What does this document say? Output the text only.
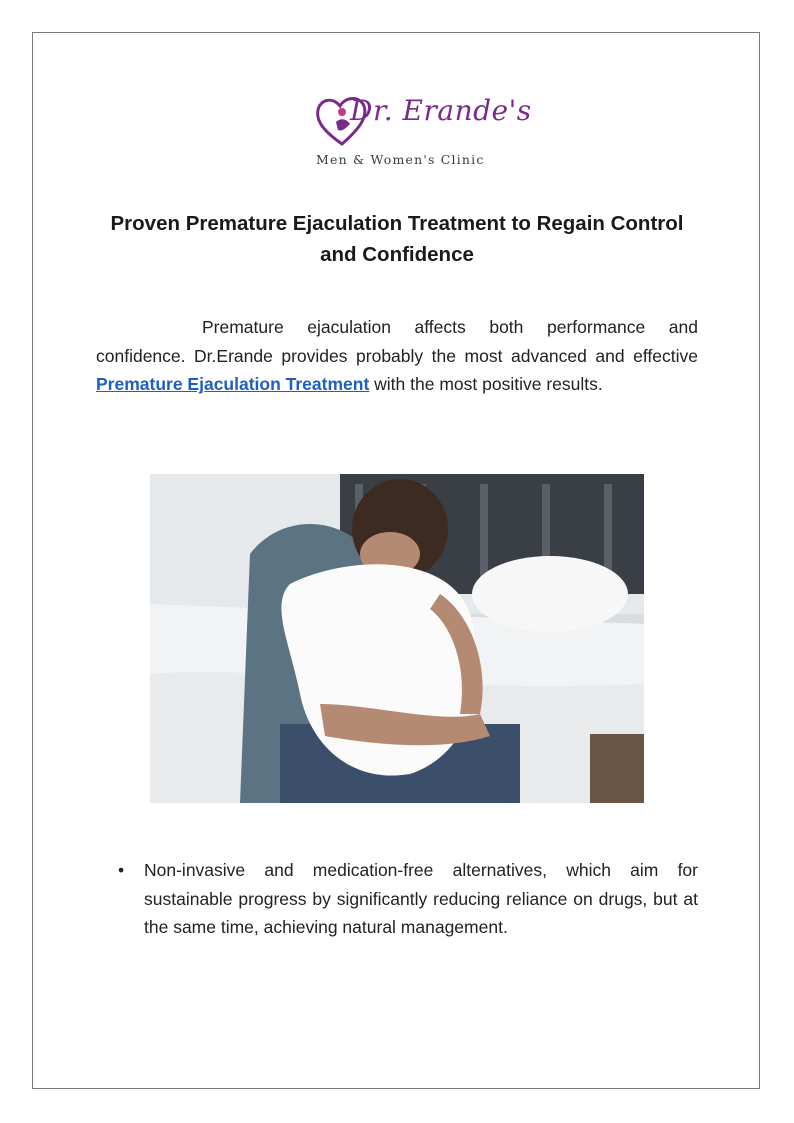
Dr. Erande's
Men & Women's Clinic
Proven Premature Ejaculation Treatment to Regain Control and Confidence

Premature ejaculation affects both performance and confidence. Dr.Erande provides probably the most advanced and effective Premature Ejaculation Treatment with the most positive results.

• Non-invasive and medication-free alternatives, which aim for sustainable progress by significantly reducing reliance on drugs, but at the same time, achieving natural management.
